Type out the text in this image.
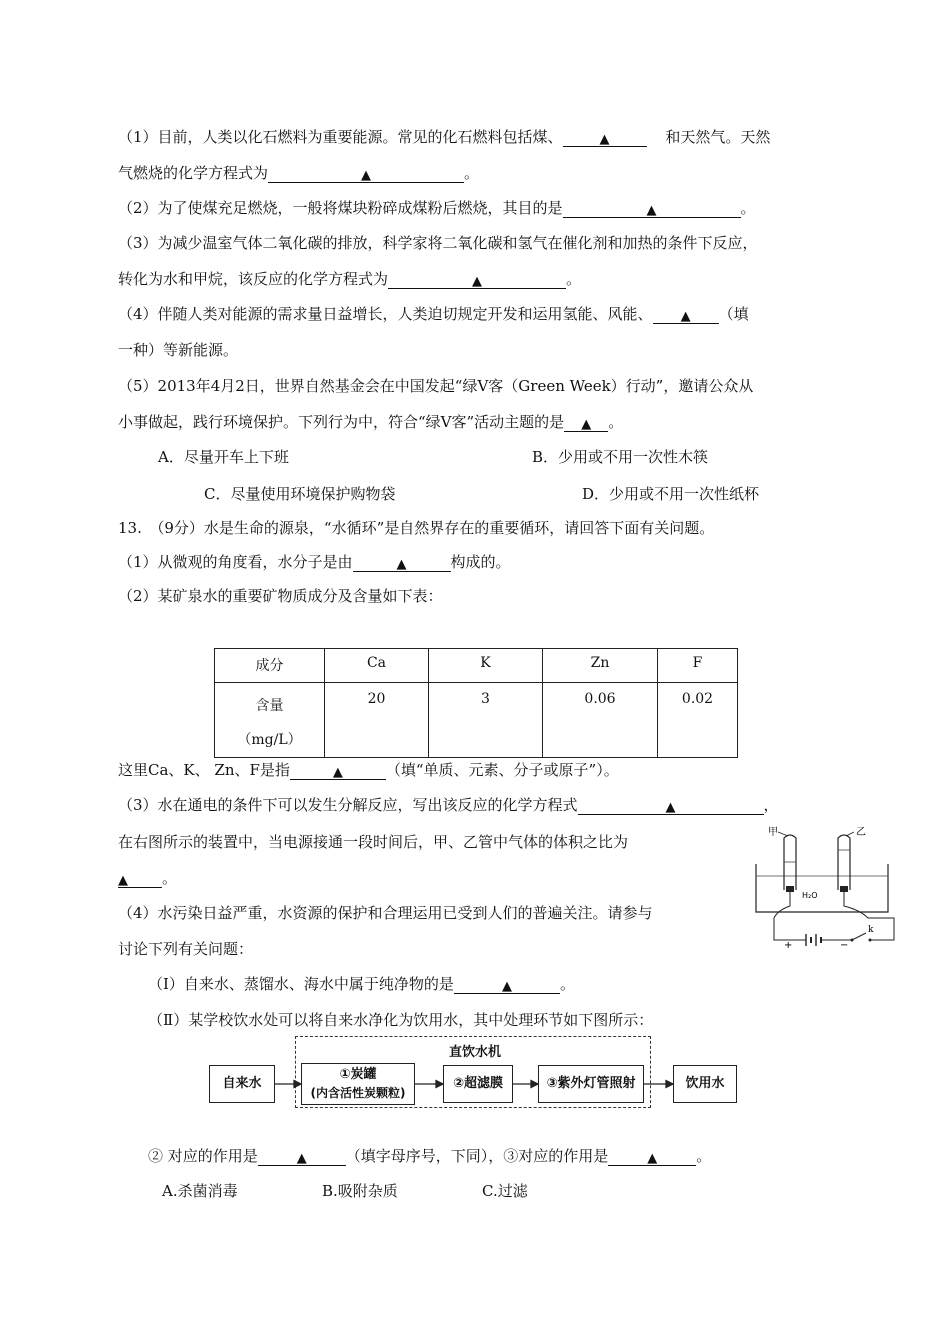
（1）目前，人类以化石燃料为重要能源。常见的化石燃料包括煤、	▲	和天然气。天然
气燃烧的化学方程式为	▲	。
（2）为了使煤充足燃烧，一般将煤块粉碎成煤粉后燃烧，其目的是	▲	。
（3）为减少温室气体二氧化碳的排放，科学家将二氧化碳和氢气在催化剂和加热的条件下反应，
转化为水和甲烷，该反应的化学方程式为	▲	。
（4）伴随人类对能源的需求量日益增长，人类迫切规定开发和运用氢能、风能、 ▲ （填
一种）等新能源。
（5）2013年4月2日，世界自然基金会在中国发起“绿V客（Green Week）行动”，邀请公众从
小事做起，践行环境保护。下列行为中，符合“绿V客”活动主题的是 ▲ 。
A．尽量开车上下班	B．少用或不用一次性木筷
C．尽量使用环境保护购物袋	D．少用或不用一次性纸杯
13.　（9分）水是生命的源泉，“水循环”是自然界存在的重要循环，请回答下面有关问题。
（1）从微观的角度看，水分子是由	▲	构成的。
（2）某矿泉水的重要矿物质成分及含量如下表：
成分	Ca	K	Zn	F

含量
（mg/L）	20	3	0.06	0.02
这里Ca、K、 Zn、F是指	▲	（填“单质、元素、分子或原子”）。
（3）水在通电的条件下可以发生分解反应，写出该反应的化学方程式	▲	，
在右图所示的装置中，当电源接通一段时间后，甲、乙管中气体的体积之比为
▲ 。
（4）水污染日益严重，水资源的保护和合理运用已受到人们的普遍关注。请参与
讨论下列有关问题：
甲	乙
H₂O
+	−
k
（Ⅰ）自来水、蒸馏水、海水中属于纯净物的是	▲	。
（Ⅱ）某学校饮水处可以将自来水净化为饮用水，其中处理环节如下图所示：
直饮水机
自来水
①炭罐
(内含活性炭颗粒)
②超滤膜	③紫外灯管照射	饮用水
② 对应的作用是	▲	（填字母序号，下同），③对应的作用是	▲	。
A.杀菌消毒	B.吸附杂质	C.过滤
